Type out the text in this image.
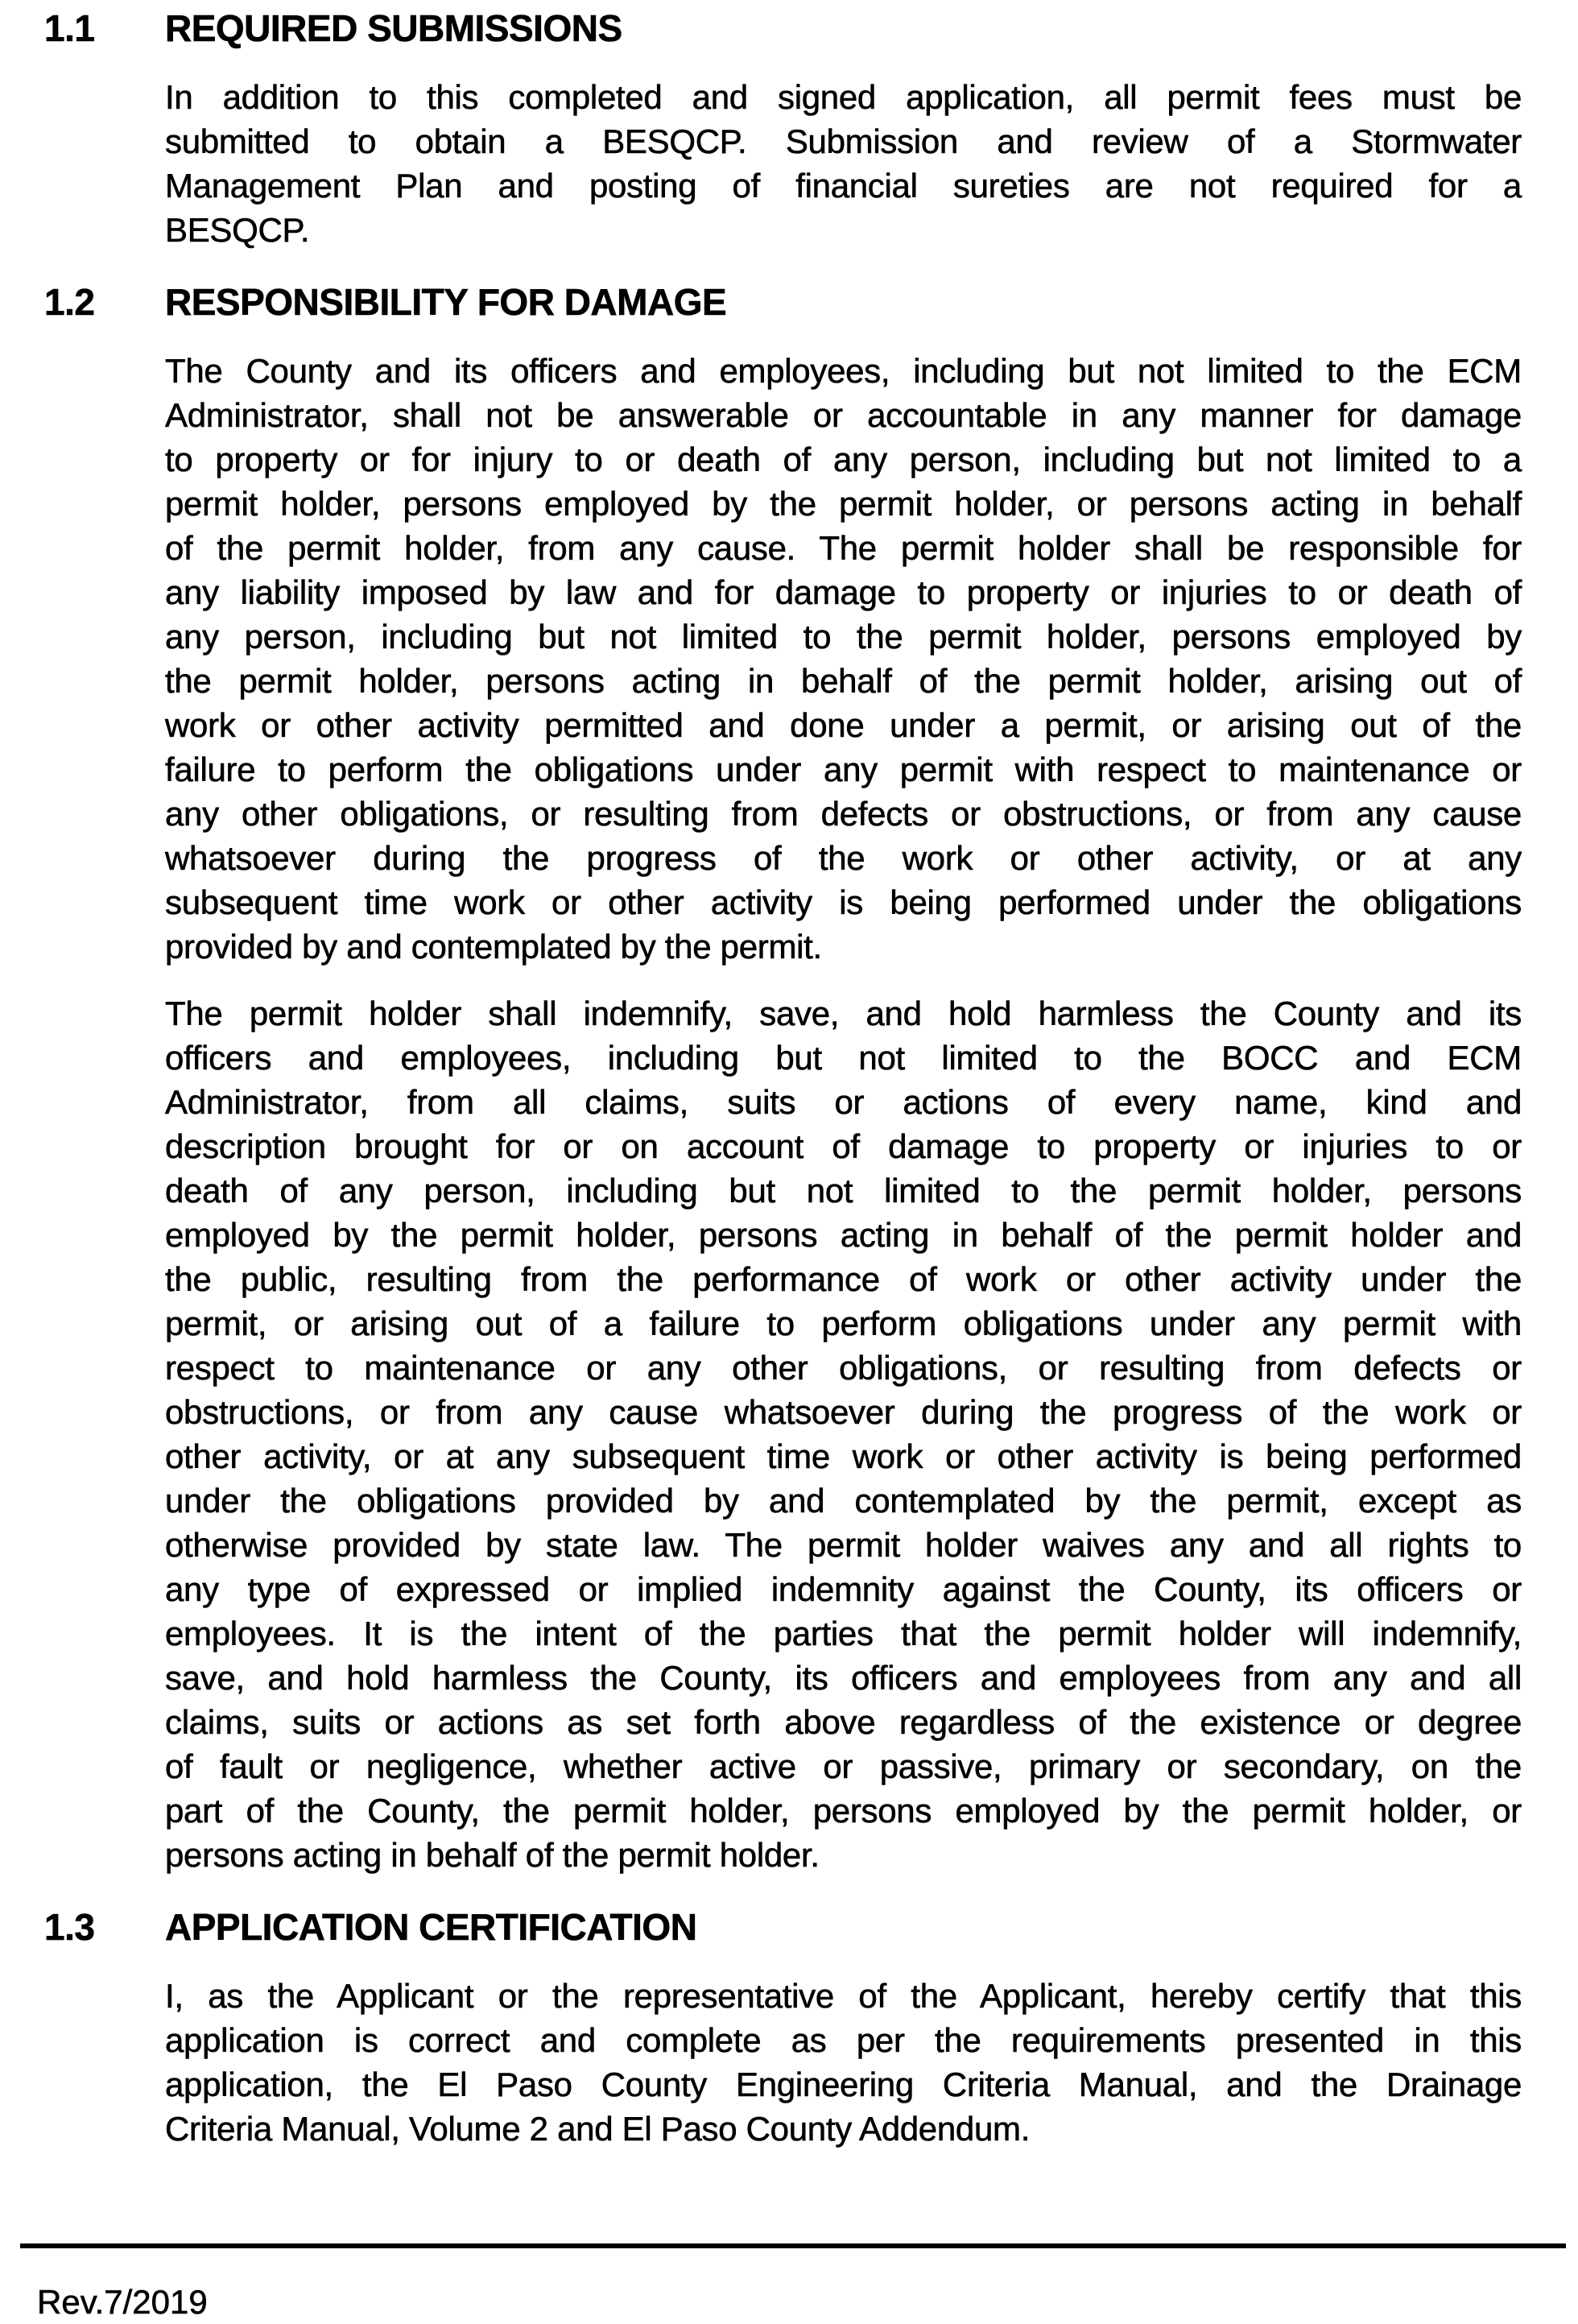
1.1 REQUIRED SUBMISSIONS
In addition to this completed and signed application, all permit fees must be
submitted to obtain a BESQCP. Submission and review of a Stormwater
Management Plan and posting of financial sureties are not required for a
BESQCP.
1.2 RESPONSIBILITY FOR DAMAGE
The County and its officers and employees, including but not limited to the ECM
Administrator, shall not be answerable or accountable in any manner for damage
to property or for injury to or death of any person, including but not limited to a
permit holder, persons employed by the permit holder, or persons acting in behalf
of the permit holder, from any cause. The permit holder shall be responsible for
any liability imposed by law and for damage to property or injuries to or death of
any person, including but not limited to the permit holder, persons employed by
the permit holder, persons acting in behalf of the permit holder, arising out of
work or other activity permitted and done under a permit, or arising out of the
failure to perform the obligations under any permit with respect to maintenance or
any other obligations, or resulting from defects or obstructions, or from any cause
whatsoever during the progress of the work or other activity, or at any
subsequent time work or other activity is being performed under the obligations
provided by and contemplated by the permit.
The permit holder shall indemnify, save, and hold harmless the County and its
officers and employees, including but not limited to the BOCC and ECM
Administrator, from all claims, suits or actions of every name, kind and
description brought for or on account of damage to property or injuries to or
death of any person, including but not limited to the permit holder, persons
employed by the permit holder, persons acting in behalf of the permit holder and
the public, resulting from the performance of work or other activity under the
permit, or arising out of a failure to perform obligations under any permit with
respect to maintenance or any other obligations, or resulting from defects or
obstructions, or from any cause whatsoever during the progress of the work or
other activity, or at any subsequent time work or other activity is being performed
under the obligations provided by and contemplated by the permit, except as
otherwise provided by state law. The permit holder waives any and all rights to
any type of expressed or implied indemnity against the County, its officers or
employees. It is the intent of the parties that the permit holder will indemnify,
save, and hold harmless the County, its officers and employees from any and all
claims, suits or actions as set forth above regardless of the existence or degree
of fault or negligence, whether active or passive, primary or secondary, on the
part of the County, the permit holder, persons employed by the permit holder, or
persons acting in behalf of the permit holder.
1.3 APPLICATION CERTIFICATION
I, as the Applicant or the representative of the Applicant, hereby certify that this
application is correct and complete as per the requirements presented in this
application, the El Paso County Engineering Criteria Manual, and the Drainage
Criteria Manual, Volume 2 and El Paso County Addendum.
Rev.7/2019
